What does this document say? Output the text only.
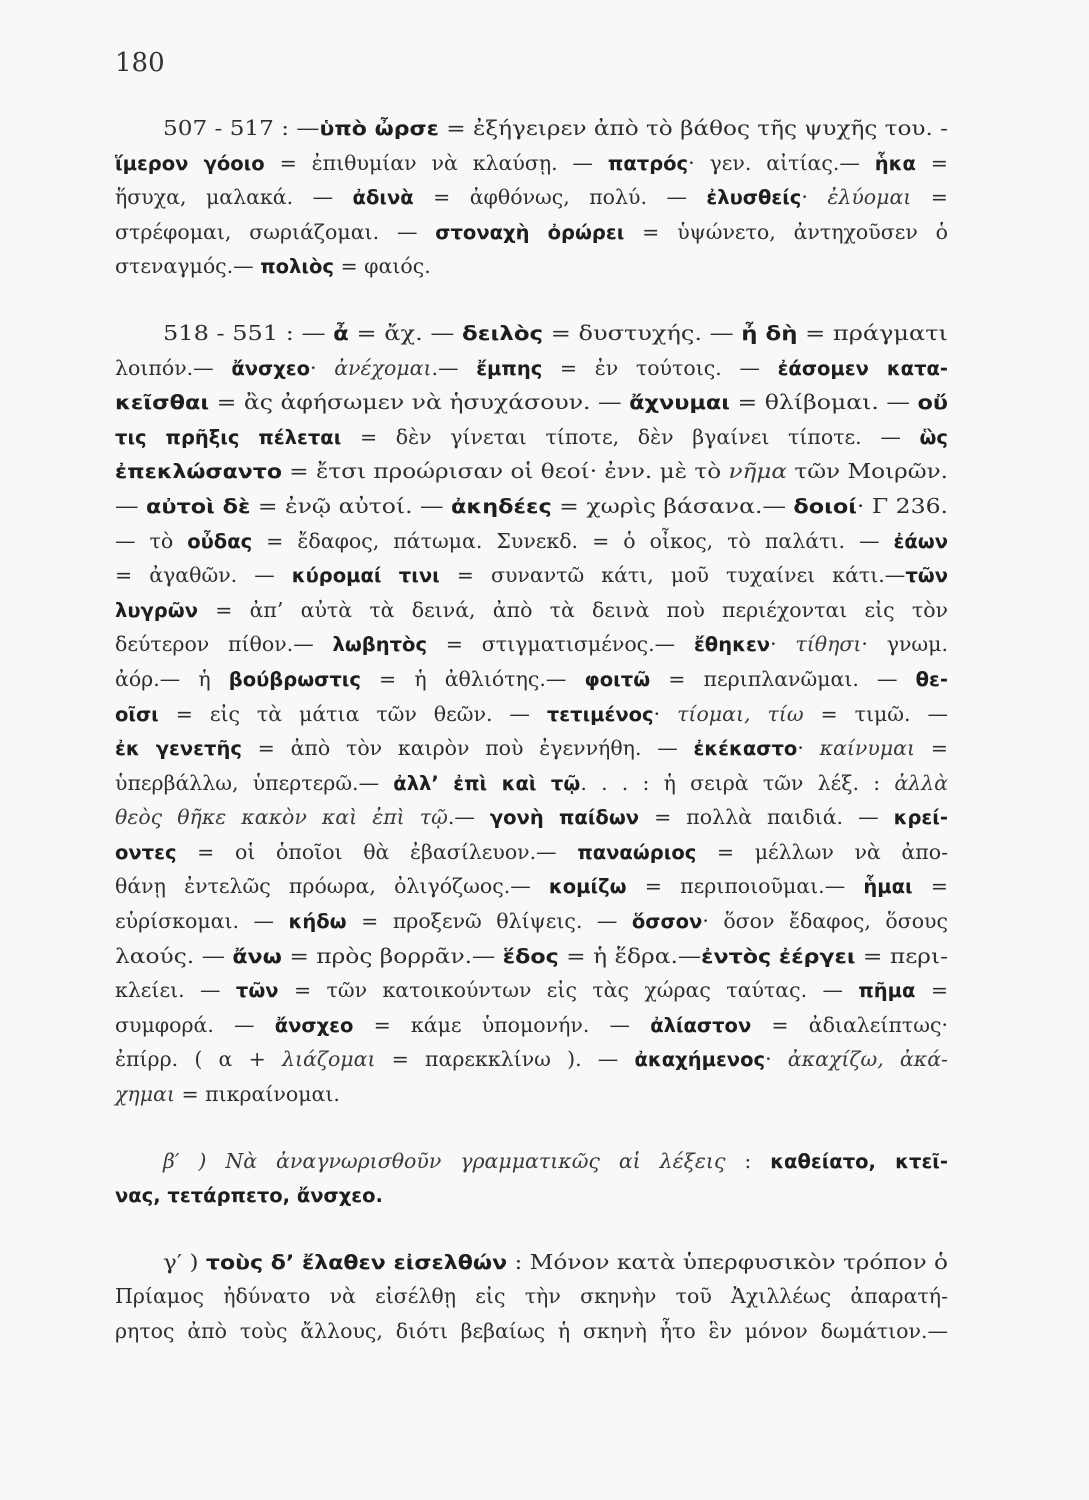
180
507 - 517 : —ὑπὸ ὦρσε = ἐξήγειρεν ἀπὸ τὸ βάθος τῆς ψυχῆς του. -
ἵμερον γόοιο = ἐπιθυμίαν νὰ κλαύσῃ. — πατρός· γεν. αἰτίας.— ἧκα =
ἥσυχα, μαλακά. — ἀδινὰ = ἀφθόνως, πολύ. — ἐλυσθείς· ἐλύομαι =
στρέφομαι, σωριάζομαι. — στοναχὴ ὀρώρει = ὑψώνετο, ἀντηχοῦσεν ὁ
στεναγμός.— πολιὸς = φαιός.
518 - 551 : — ἆ = ἄχ. — δειλὸς = δυστυχής. — ἦ δὴ = πράγματι
λοιπόν.— ἄνσχεο· ἀνέχομαι.— ἔμπης = ἐν τούτοις. — ἐάσομεν κατα-
κεῖσθαι = ἂς ἀφήσωμεν νὰ ἡσυχάσουν. — ἄχνυμαι = θλίβομαι. — οὔ
τις πρῆξις πέλεται = δὲν γίνεται τίποτε, δὲν βγαίνει τίποτε. — ὣς
ἐπεκλώσαντο = ἔτσι προώρισαν οἱ θεοί· ἐνν. μὲ τὸ νῆμα τῶν Μοιρῶν.
— αὐτοὶ δὲ = ἐνῷ αὐτοί. — ἀκηδέες = χωρὶς βάσανα.— δοιοί· Γ 236.
— τὸ οὖδας = ἔδαφος, πάτωμα. Συνεκδ. = ὁ οἶκος, τὸ παλάτι. — ἐάων
= ἀγαθῶν. — κύρομαί τινι = συναντῶ κάτι, μοῦ τυχαίνει κάτι.—τῶν
λυγρῶν = ἀπ’ αὐτὰ τὰ δεινά, ἀπὸ τὰ δεινὰ ποὺ περιέχονται εἰς τὸν
δεύτερον πίθον.— λωβητὸς = στιγματισμένος.— ἔθηκεν· τίθησι· γνωμ.
ἀόρ.— ἡ βούβρωστις = ἡ ἀθλιότης.— φοιτῶ = περιπλανῶμαι. — θε-
οῖσι = εἰς τὰ μάτια τῶν θεῶν. — τετιμένος· τίομαι, τίω = τιμῶ. —
ἐκ γενετῆς = ἀπὸ τὸν καιρὸν ποὺ ἐγεννήθη. — ἐκέκαστο· καίνυμαι =
ὑπερβάλλω, ὑπερτερῶ.— ἀλλ’ ἐπὶ καὶ τῷ. . . : ἡ σειρὰ τῶν λέξ. : ἀλλὰ
θεὸς θῆκε κακὸν καὶ ἐπὶ τῷ.— γονὴ παίδων = πολλὰ παιδιά. — κρεί-
οντες = οἱ ὁποῖοι θὰ ἐβασίλευον.— παναώριος = μέλλων νὰ ἀπο-
θάνῃ ἐντελῶς πρόωρα, ὀλιγόζωος.— κομίζω = περιποιοῦμαι.— ἧμαι =
εὑρίσκομαι. — κήδω = προξενῶ θλίψεις. — ὅσσον· ὅσον ἔδαφος, ὅσους
λαούς. — ἄνω = πρὸς βορρᾶν.— ἕδος = ἡ ἕδρα.—ἐντὸς ἐέργει = περι-
κλείει. — τῶν = τῶν κατοικούντων εἰς τὰς χώρας ταύτας. — πῆμα =
συμφορά. — ἄνσχεο = κάμε ὑπομονήν. — ἀλίαστον = ἀδιαλείπτως·
ἐπίρρ. ( α + λιάζομαι = παρεκκλίνω ). — ἀκαχήμενος· ἀκαχίζω, ἀκά-
χημαι = πικραίνομαι.
β′ ) Νὰ ἀναγνωρισθοῦν γραμματικῶς αἱ λέξεις : καθείατο, κτεῖ-
νας, τετάρπετο, ἄνσχεο.
γ′ ) τοὺς δ’ ἔλαθεν εἰσελθών : Μόνον κατὰ ὑπερφυσικὸν τρόπον ὁ
Πρίαμος ἠδύνατο νὰ εἰσέλθῃ εἰς τὴν σκηνὴν τοῦ Ἀχιλλέως ἀπαρατή-
ρητος ἀπὸ τοὺς ἄλλους, διότι βεβαίως ἡ σκηνὴ ἦτο ἓν μόνον δωμάτιον.—
